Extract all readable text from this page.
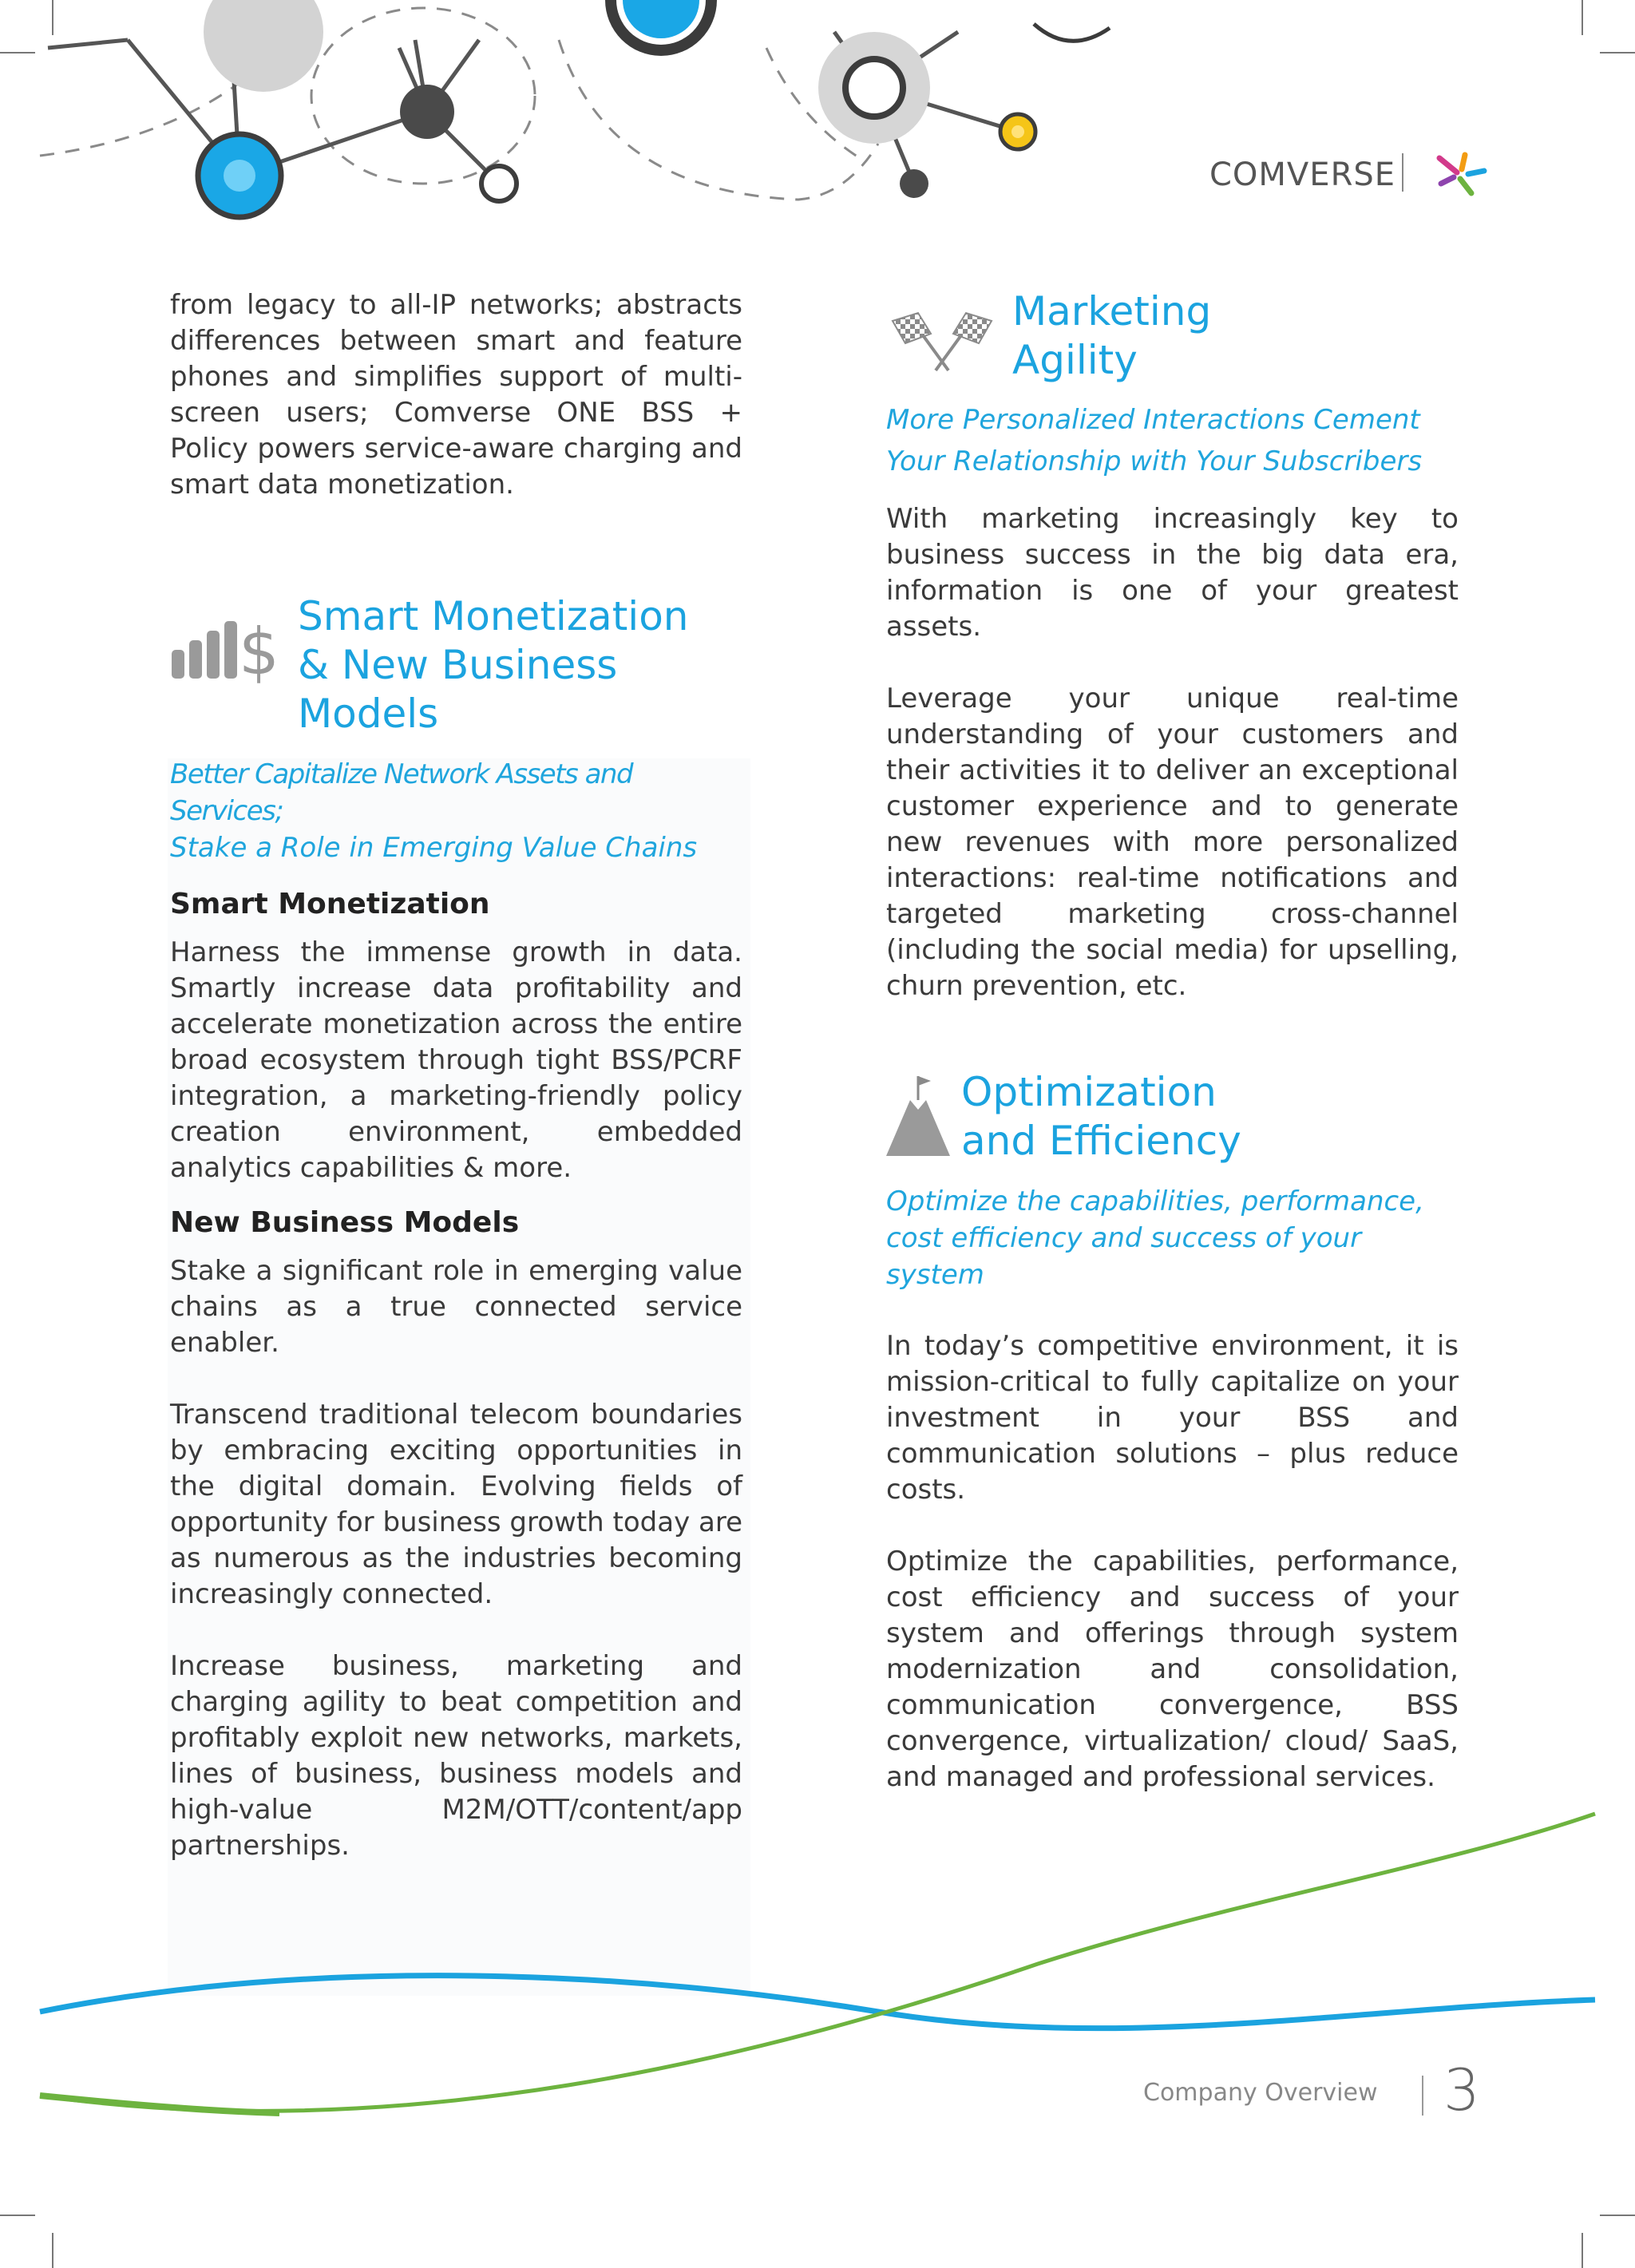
COMVERSE

from legacy to all-IP networks; abstracts differences between smart and feature phones and simplifies support of multi-screen users; Comverse ONE BSS + Policy powers service-aware charging and smart data monetization.

$ Smart Monetization

& New Business Models

Better Capitalize Network Assets and Services;

Stake a Role in Emerging Value Chains

Smart Monetization

Harness the immense growth in data. Smartly increase data profitability and accelerate monetization across the entire broad ecosystem through tight BSS/PCRF integration, a marketing-friendly policy creation environment, embedded analytics capabilities & more.

New Business Models

Stake a significant role in emerging value chains as a true connected service enabler.

Transcend traditional telecom boundaries by embracing exciting opportunities in the digital domain. Evolving fields of opportunity for business growth today are as numerous as the industries becoming increasingly connected.

Increase business, marketing and charging agility to beat competition and profitably exploit new networks, markets, lines of business, business models and high-value M2M/OTT/content/app partnerships.

Marketing

Agility

More Personalized Interactions Cement Your Relationship with Your Subscribers

With marketing increasingly key to business success in the big data era, information is one of your greatest assets.

Leverage your unique real-time understanding of your customers and their activities it to deliver an exceptional customer experience and to generate new revenues with more personalized interactions: real-time notifications and targeted marketing cross-channel (including the social media) for upselling, churn prevention, etc.

Optimization

and Efficiency

Optimize the capabilities, performance, cost efficiency and success of your system

In today’s competitive environment, it is mission-critical to fully capitalize on your investment in your BSS and communication solutions – plus reduce costs.

Optimize the capabilities, performance, cost efficiency and success of your system and offerings through system modernization and consolidation, communication convergence, BSS convergence, virtualization/ cloud/ SaaS, and managed and professional services.

Company Overview 3
